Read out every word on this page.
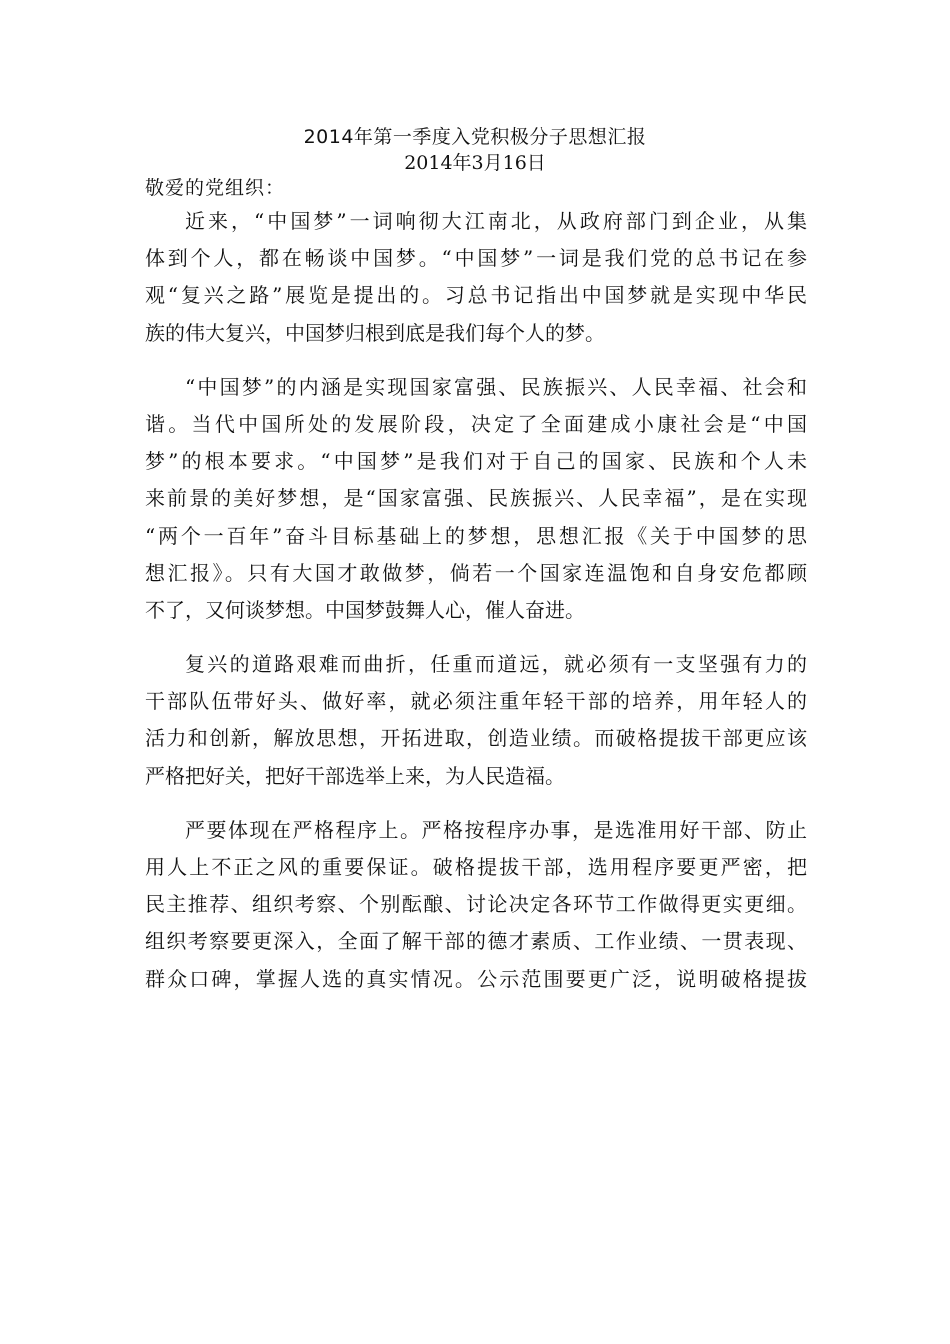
2014年第一季度入党积极分子思想汇报
2014年3月16日
敬爱的党组织：
近来，“中国梦”一词响彻大江南北，从政府部门到企业，从集
体到个人，都在畅谈中国梦。“中国梦”一词是我们党的总书记在参
观“复兴之路”展览是提出的。习总书记指出中国梦就是实现中华民
族的伟大复兴，中国梦归根到底是我们每个人的梦。
“中国梦”的内涵是实现国家富强、民族振兴、人民幸福、社会和
谐。当代中国所处的发展阶段，决定了全面建成小康社会是“中国
梦”的根本要求。“中国梦”是我们对于自己的国家、民族和个人未
来前景的美好梦想，是“国家富强、民族振兴、人民幸福”，是在实现
“两个一百年”奋斗目标基础上的梦想，思想汇报《关于中国梦的思
想汇报》。只有大国才敢做梦，倘若一个国家连温饱和自身安危都顾
不了，又何谈梦想。中国梦鼓舞人心，催人奋进。
复兴的道路艰难而曲折，任重而道远，就必须有一支坚强有力的
干部队伍带好头、做好率，就必须注重年轻干部的培养，用年轻人的
活力和创新，解放思想，开拓进取，创造业绩。而破格提拔干部更应该
严格把好关，把好干部选举上来，为人民造福。
严要体现在严格程序上。严格按程序办事，是选准用好干部、防止
用人上不正之风的重要保证。破格提拔干部，选用程序要更严密，把
民主推荐、组织考察、个别酝酿、讨论决定各环节工作做得更实更细。
组织考察要更深入，全面了解干部的德才素质、工作业绩、一贯表现、
群众口碑，掌握人选的真实情况。公示范围要更广泛，说明破格提拔
